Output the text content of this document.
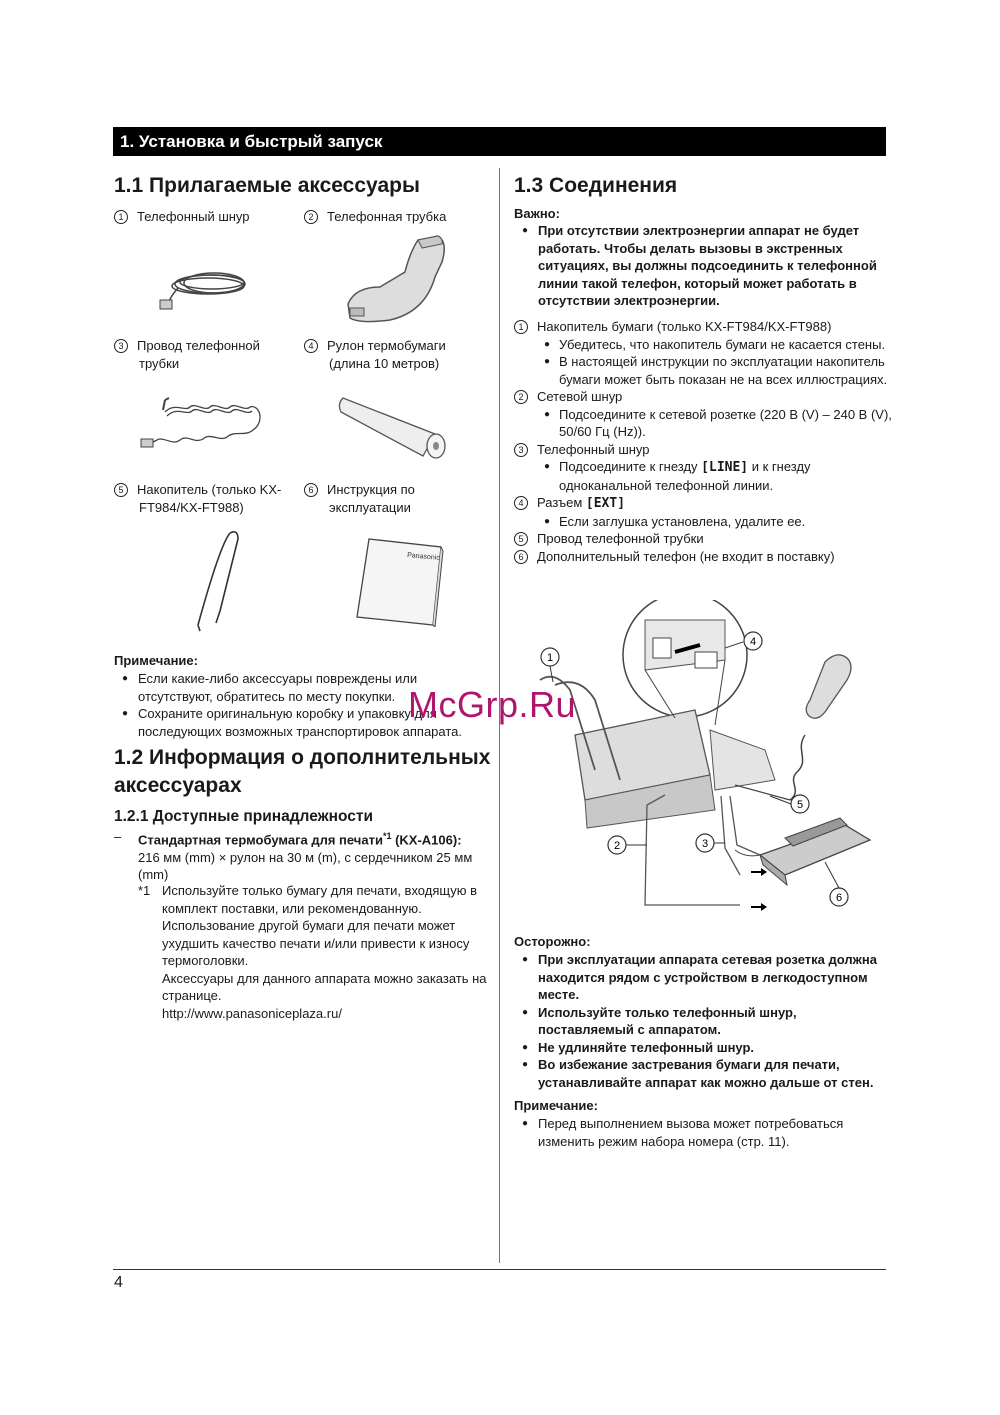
1. Установка и быстрый запуск
1.1 Прилагаемые аксессуары
1 Телефонный шнур	2 Телефонная трубка
3 Провод телефонной
трубки
4 Рулон термобумаги
(длина 10 метров)
5 Накопитель (только KX-
FT984/KX-FT988)
6 Инструкция по
эксплуатации
Panasonic
Примечание:
● Если какие-либо аксессуары повреждены или
отсутствуют, обратитесь по месту покупки.
● Сохраните оригинальную коробку и упаковку для
последующих возможных транспортировок аппарата.
1.2 Информация о дополнительных
аксессуарах
1.2.1 Доступные принадлежности
–	Стандартная термобумага для печати$^{*1}$ (KX-A106):
216 мм (mm) × рулон на 30 м (m), с сердечником 25 мм
(mm)
*1 Используйте только бумагу для печати, входящую в
комплект поставки, или рекомендованную.
Использование другой бумаги для печати может
ухудшить качество печати и/или привести к износу
термоголовки.
Аксессуары для данного аппарата можно заказать на
странице.
http://www.panasoniceplaza.ru/
1.3 Соединения
Важно:
● При отсутствии электроэнергии аппарат не будет
работать. Чтобы делать вызовы в экстренных
ситуациях, вы должны подсоединить к телефонной
линии такой телефон, который может работать в
отсутствии электроэнергии.
1 Накопитель бумаги (только KX-FT984/KX-FT988)
● Убедитесь, что накопитель бумаги не касается стены.
● В настоящей инструкции по эксплуатации накопитель
бумаги может быть показан не на всех иллюстрациях.
2 Сетевой шнур
● Подсоедините к сетевой розетке (220 В (V) – 240 В (V),
50/60 Гц (Hz)).
3 Телефонный шнур
● Подсоедините к гнезду [LINE] и к гнезду
одноканальной телефонной линии.
4 Разъем [EXT]
● Если заглушка установлена, удалите ее.
5 Провод телефонной трубки
6 Дополнительный телефон (не входит в поставку)
1
2	3
4
5
6
Осторожно:
● При эксплуатации аппарата сетевая розетка должна
находится рядом с устройством в легкодоступном
месте.
● Используйте только телефонный шнур,
поставляемый с аппаратом.
● Не удлиняйте телефонный шнур.
● Во избежание застревания бумаги для печати,
устанавливайте аппарат как можно дальше от стен.
Примечание:
● Перед выполнением вызова может потребоваться
изменить режим набора номера (стр. 11).
4
McGrp.Ru
